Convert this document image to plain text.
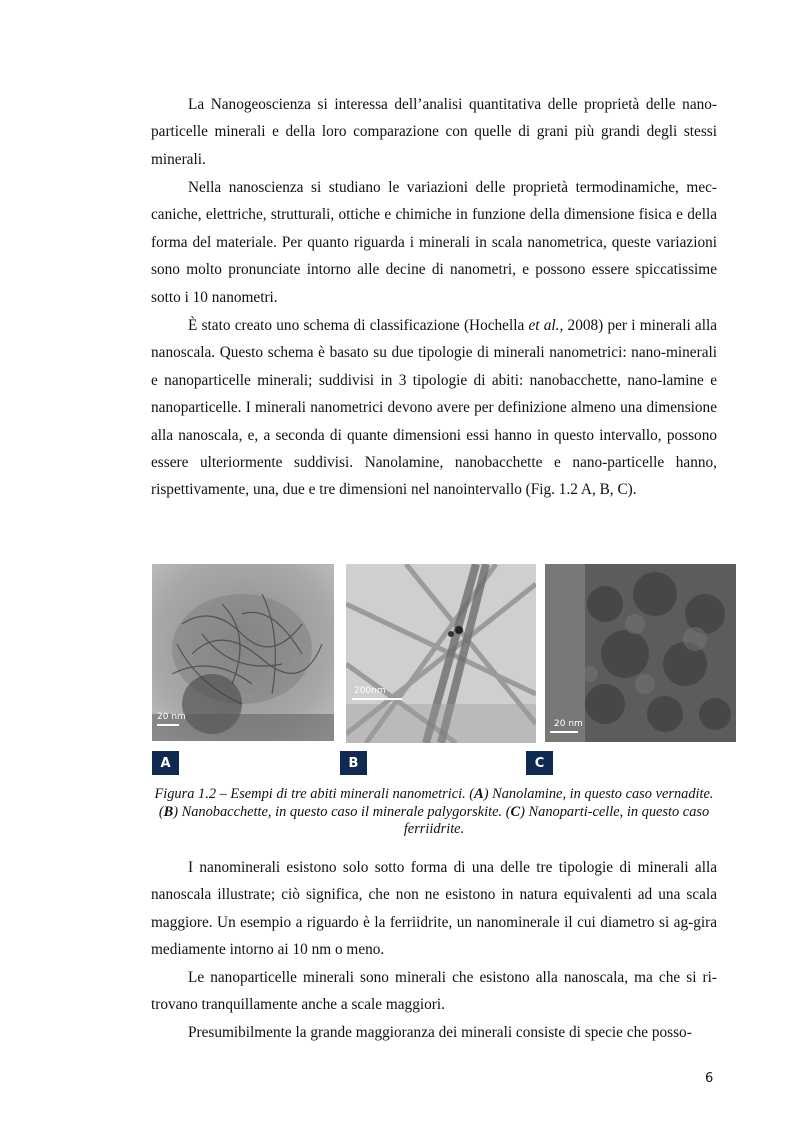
La Nanogeoscienza si interessa dell’analisi quantitativa delle proprietà delle nano-particelle minerali e della loro comparazione con quelle di grani più grandi degli stessi minerali.

Nella nanoscienza si studiano le variazioni delle proprietà termodinamiche, mec-caniche, elettriche, strutturali, ottiche e chimiche in funzione della dimensione fisica e della forma del materiale. Per quanto riguarda i minerali in scala nanometrica, queste variazioni sono molto pronunciate intorno alle decine di nanometri, e possono essere spiccatissime sotto i 10 nanometri.

È stato creato uno schema di classificazione (Hochella et al., 2008) per i minerali alla nanoscala. Questo schema è basato su due tipologie di minerali nanometrici: nano-minerali e nanoparticelle minerali; suddivisi in 3 tipologie di abiti: nanobacchette, nano-lamine e nanoparticelle. I minerali nanometrici devono avere per definizione almeno una dimensione alla nanoscala, e, a seconda di quante dimensioni essi hanno in questo intervallo, possono essere ulteriormente suddivisi. Nanolamine, nanobacchette e nano-particelle hanno, rispettivamente, una, due e tre dimensioni nel nanointervallo (Fig. 1.2 A, B, C).

20 nm
200nm
20 nm
A	B	C

Figura 1.2 – Esempi di tre abiti minerali nanometrici. (A) Nanolamine, in questo caso vernadite. (B) Nanobacchette, in questo caso il minerale palygorskite. (C) Nanoparti-celle, in questo caso ferriidrite.

I nanominerali esistono solo sotto forma di una delle tre tipologie di minerali alla nanoscala illustrate; ciò significa, che non ne esistono in natura equivalenti ad una scala maggiore. Un esempio a riguardo è la ferriidrite, un nanominerale il cui diametro si ag-gira mediamente intorno ai 10 nm o meno.

Le nanoparticelle minerali sono minerali che esistono alla nanoscala, ma che si ri-trovano tranquillamente anche a scale maggiori.

Presumibilmente la grande maggioranza dei minerali consiste di specie che posso-

6
